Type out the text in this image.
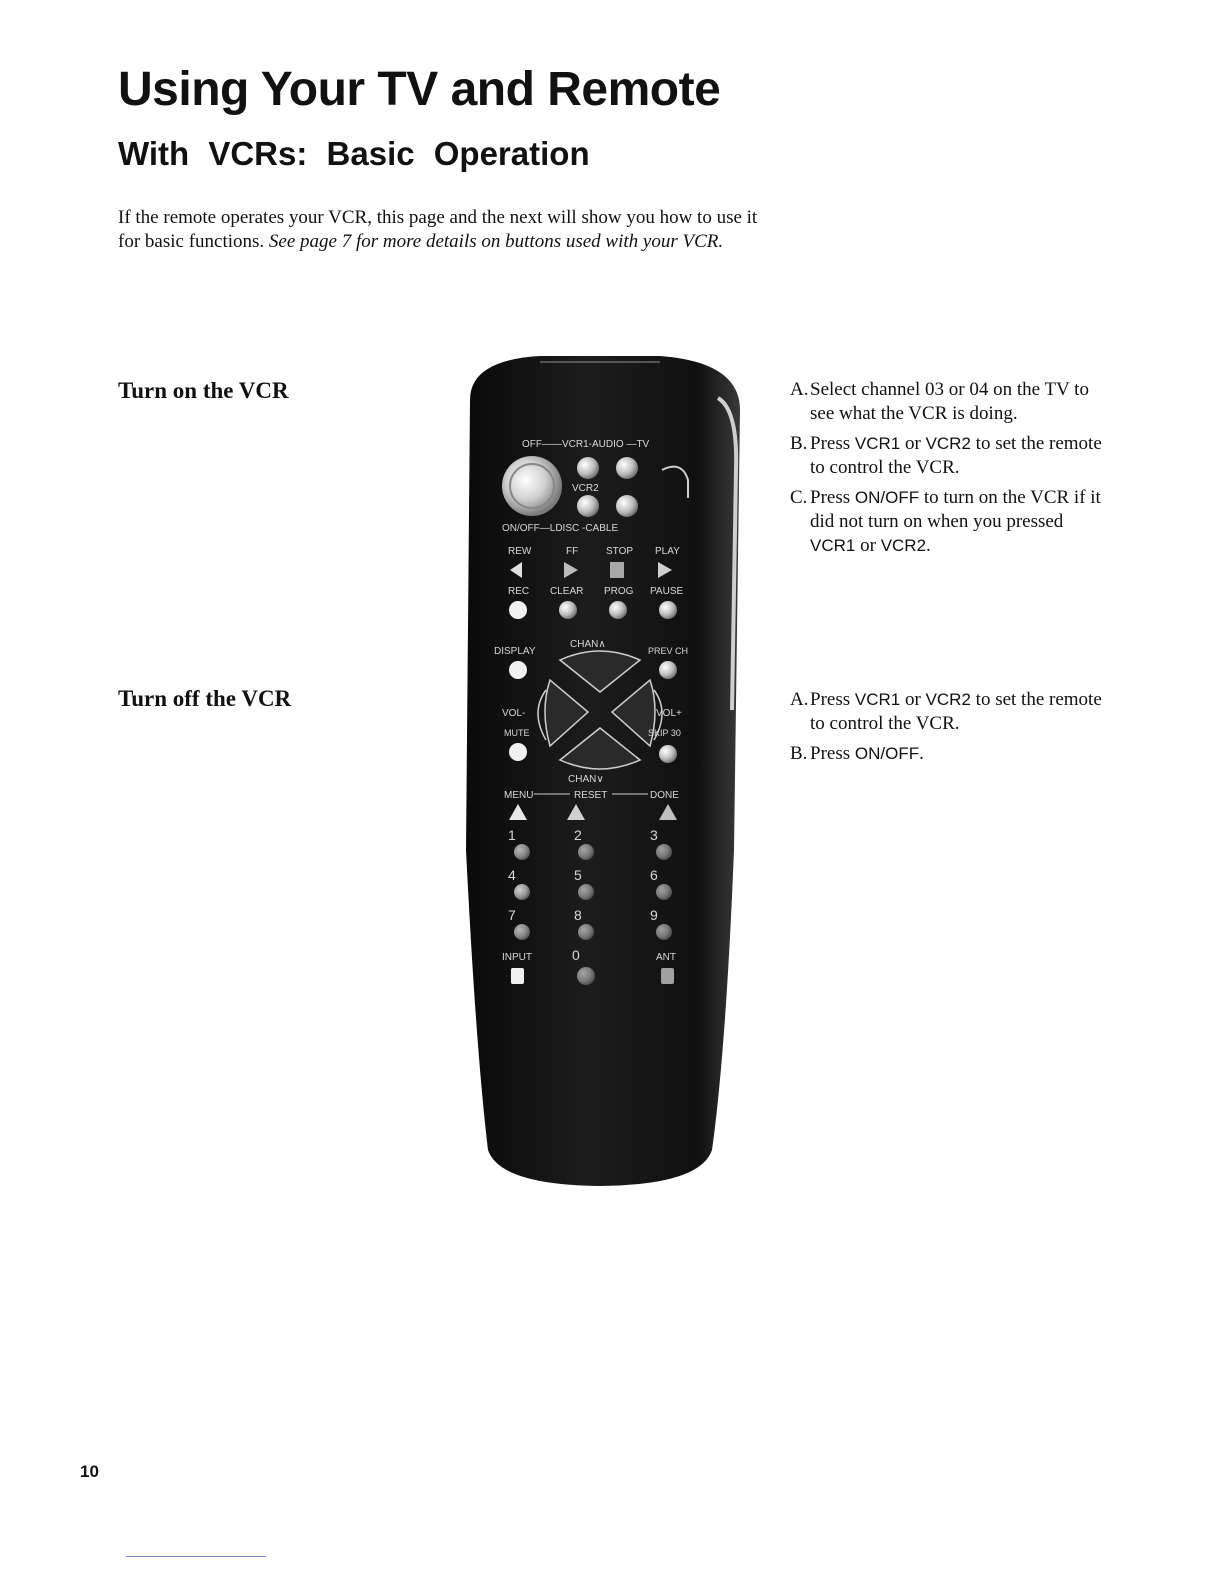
Using Your TV and Remote
With VCRs: Basic Operation

If the remote operates your VCR, this page and the next will show you how to use it for basic functions. See page 7 for more details on buttons used with your VCR.

Turn on the VCR
Turn off the VCR
A. Select channel 03 or 04 on the TV to see what the VCR is doing.
B. Press VCR1 or VCR2 to set the remote to control the VCR.
C. Press ON/OFF to turn on the VCR if it did not turn on when you pressed VCR1 or VCR2.
A. Press VCR1 or VCR2 to set the remote to control the VCR.
B. Press ON/OFF.
OFF——VCR1-AUDIO —TV
VCR2
ON/OFF—LDISC -CABLE
REW	FF	STOP PLAY
REC CLEAR PROG PAUSE
DISPLAY
CHAN∧
PREV CH
VOL-
MUTE
VOL+
SKIP 30
CHAN∨
MENU	RESET	DONE
1	2	3
4	5	6
7	8	9
INPUT	0	ANT

10
